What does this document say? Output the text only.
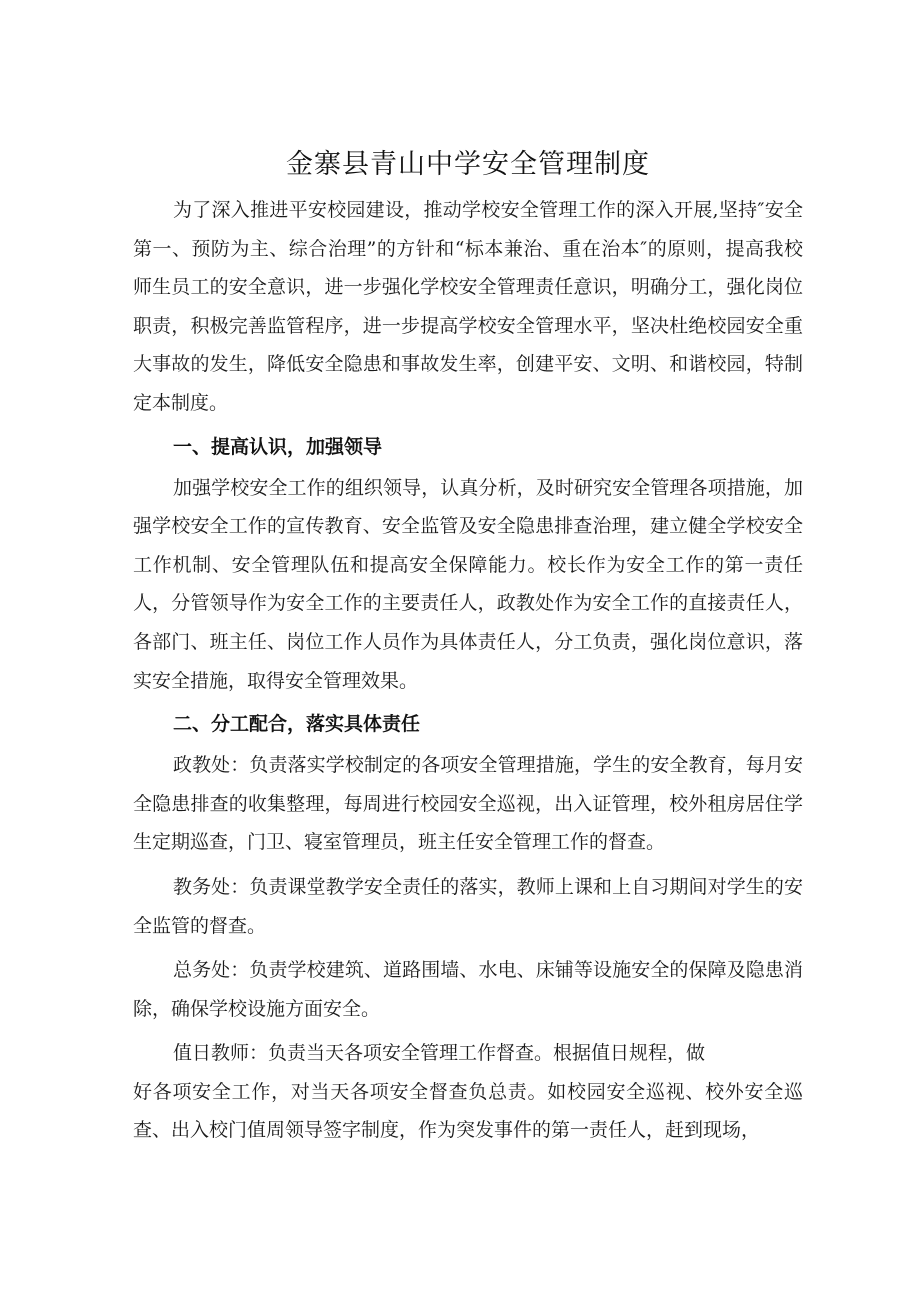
金寨县青山中学安全管理制度

为了深入推进平安校园建设，推动学校安全管理工作的深入开展,坚持″安全第一、预防为主、综合治理”的方针和“标本兼治、重在治本″的原则，提高我校师生员工的安全意识，进一步强化学校安全管理责任意识，明确分工，强化岗位职责，积极完善监管程序，进一步提高学校安全管理水平，坚决杜绝校园安全重大事故的发生，降低安全隐患和事故发生率，创建平安、文明、和谐校园，特制定本制度。

一、提高认识，加强领导

加强学校安全工作的组织领导，认真分析，及时研究安全管理各项措施，加强学校安全工作的宣传教育、安全监管及安全隐患排查治理，建立健全学校安全工作机制、安全管理队伍和提高安全保障能力。校长作为安全工作的第一责任人，分管领导作为安全工作的主要责任人，政教处作为安全工作的直接责任人，各部门、班主任、岗位工作人员作为具体责任人，分工负责，强化岗位意识，落实安全措施，取得安全管理效果。

二、分工配合，落实具体责任

政教处：负责落实学校制定的各项安全管理措施，学生的安全教育，每月安全隐患排查的收集整理，每周进行校园安全巡视，出入证管理，校外租房居住学生定期巡查，门卫、寝室管理员，班主任安全管理工作的督查。

教务处：负责课堂教学安全责任的落实，教师上课和上自习期间对学生的安全监管的督查。

总务处：负责学校建筑、道路围墙、水电、床铺等设施安全的保障及隐患消除，确保学校设施方面安全。

值日教师：负责当天各项安全管理工作督查。根据值日规程，做

好各项安全工作，对当天各项安全督查负总责。如校园安全巡视、校外安全巡查、出入校门值周领导签字制度，作为突发事件的第一责任人，赶到现场，
